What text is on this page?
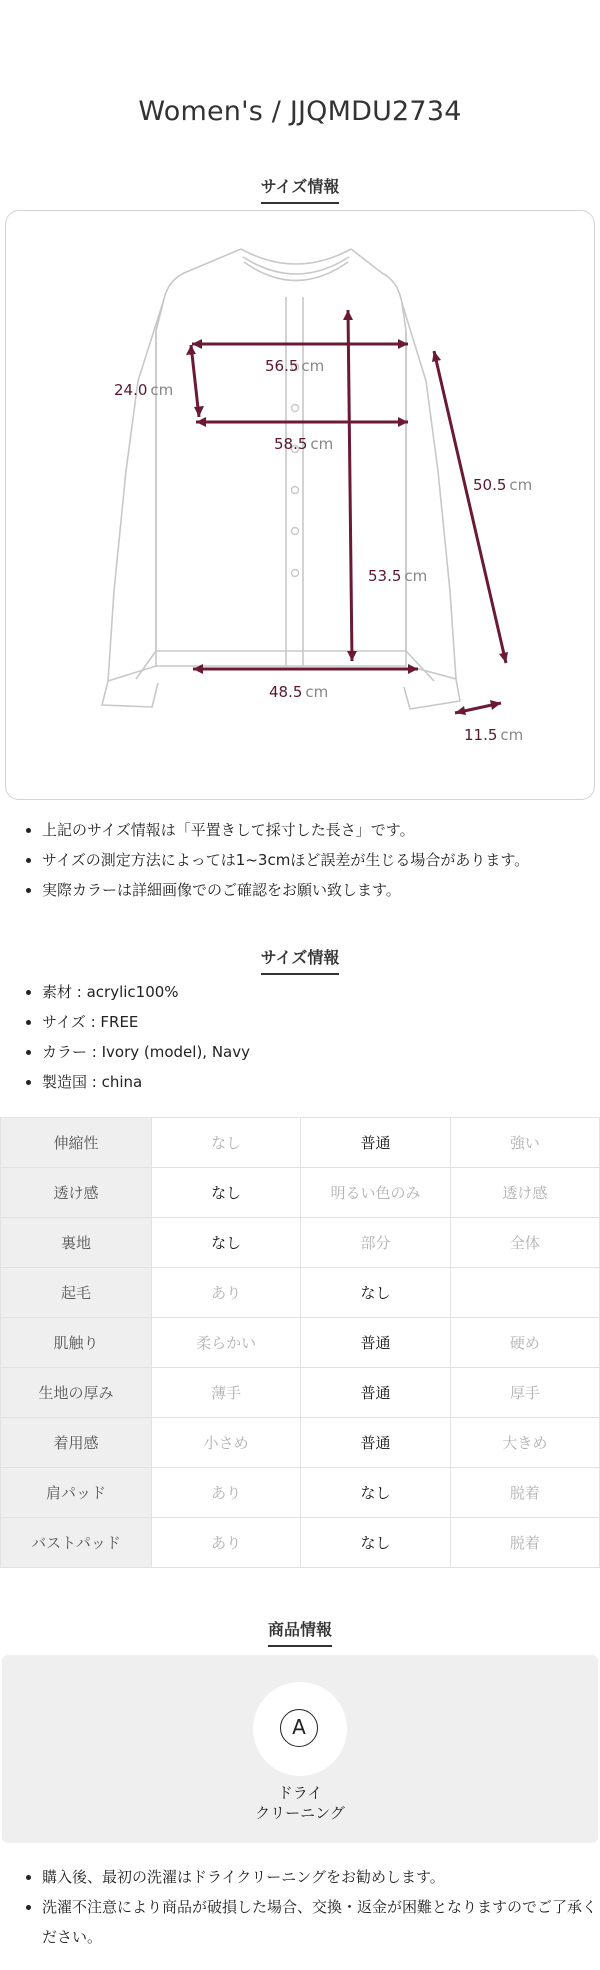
Women's / JJQMDU2734
サイズ情報
56.5 cm
24.0 cm
58.5 cm
50.5 cm
53.5 cm
48.5 cm
11.5 cm
• 上記のサイズ情報は「平置きして採寸した長さ」です。
• サイズの測定方法によっては1~3cmほど誤差が生じる場合があります。
• 実際カラーは詳細画像でのご確認をお願い致します。
サイズ情報
• 素材 : acrylic100%
• サイズ : FREE
• カラー : Ivory (model), Navy
• 製造国 : china
伸縮性	なし	普通	強い
透け感	なし	明るい色のみ	透け感
裏地	なし	部分	全体
起毛	あり	なし	
肌触り	柔らかい	普通	硬め
生地の厚み	薄手	普通	厚手
着用感	小さめ	普通	大きめ
肩パッド	あり	なし	脱着
バストパッド	あり	なし	脱着
商品情報
A
ドライ
クリーニング
• 購入後、最初の洗濯はドライクリーニングをお勧めします。
• 洗濯不注意により商品が破損した場合、交換・返金が困難となりますのでご了承ください。
